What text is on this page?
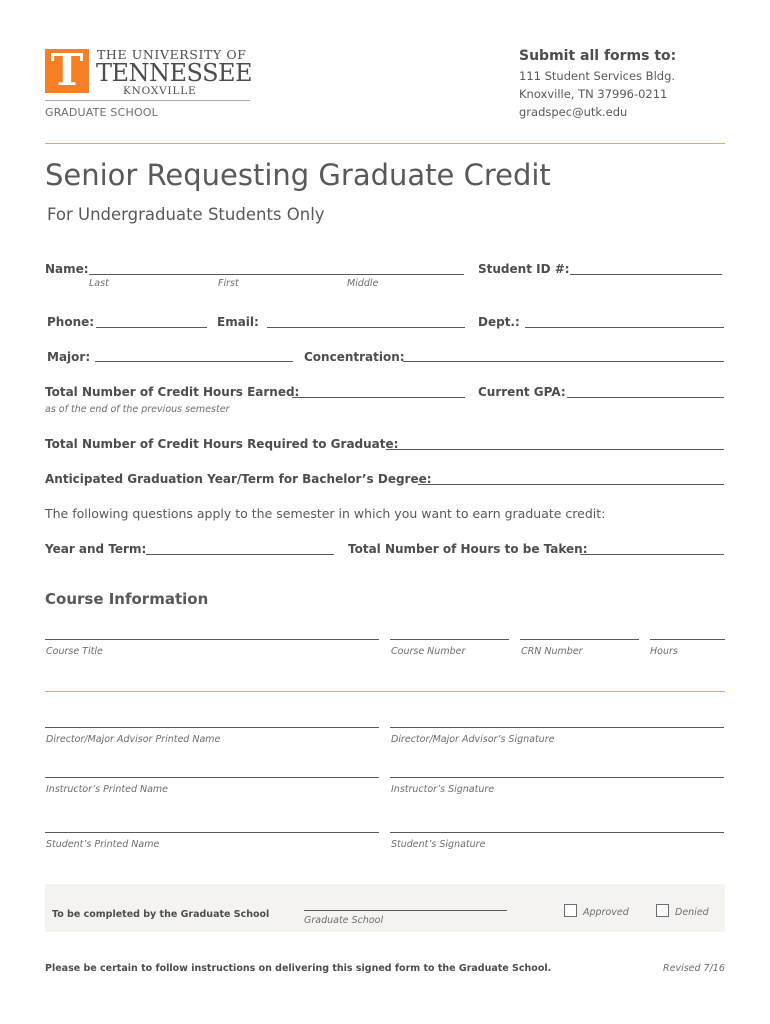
T	THE UNIVERSITY OF
TENNESSEE
KNOXVILLE
GRADUATE SCHOOL
Submit all forms to:
111 Student Services Bldg.
Knoxville, TN 37996-0211
gradspec@utk.edu
Senior Requesting Graduate Credit
For Undergraduate Students Only
Name:
Last	First	Middle
Student ID #:
Phone:	Email:	Dept.:
Major:	Concentration:
Total Number of Credit Hours Earned:
as of the end of the previous semester
Current GPA:
Total Number of Credit Hours Required to Graduate:
Anticipated Graduation Year/Term for Bachelor’s Degree:
The following questions apply to the semester in which you want to earn graduate credit:
Year and Term:	Total Number of Hours to be Taken:
Course Information
Course Title	Course Number	CRN Number	Hours
Director/Major Advisor Printed Name	Director/Major Advisor’s Signature
Instructor’s Printed Name	Instructor’s Signature
Student’s Printed Name	Student’s Signature
To be completed by the Graduate School
Graduate School
Approved	Denied
Please be certain to follow instructions on delivering this signed form to the Graduate School.	Revised 7/16
